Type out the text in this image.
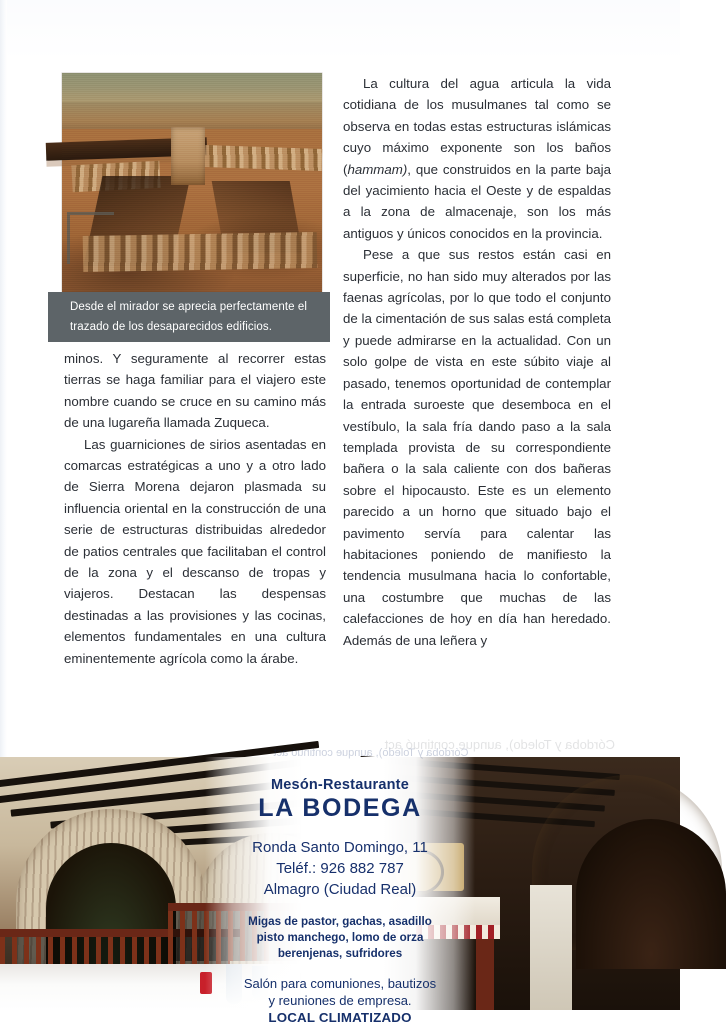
Desde el mirador se aprecia perfectamente el
trazado de los desaparecidos edificios.

minos. Y seguramente al recorrer estas tierras se haga familiar para el viajero este nombre cuando se cruce en su camino más de una lugareña llamada Zuqueca.

Las guarniciones de sirios asentadas en comarcas estratégicas a uno y a otro lado de Sierra Morena dejaron plasmada su influencia oriental en la construcción de una serie de estructuras distribuidas alrededor de patios centrales que facilitaban el control de la zona y el descanso de tropas y viajeros. Destacan las despensas destinadas a las provisiones y las cocinas, elementos fundamentales en una cultura eminentemente agrícola como la árabe.

La cultura del agua articula la vida cotidiana de los musulmanes tal como se observa en todas estas estructuras islámicas cuyo máximo exponente son los baños (hammam), que construidos en la parte baja del yacimiento hacia el Oeste y de espaldas a la zona de almacenaje, son los más antiguos y únicos conocidos en la provincia.

Pese a que sus restos están casi en superficie, no han sido muy alterados por las faenas agrícolas, por lo que todo el conjunto de la cimentación de sus salas está completa y puede admirarse en la actualidad. Con un solo golpe de vista en este súbito viaje al pasado, tenemos oportunidad de contemplar la entrada suroeste que desemboca en el vestíbulo, la sala fría dando paso a la sala templada provista de su correspondiente bañera o la sala caliente con dos bañeras sobre el hipocausto. Este es un elemento parecido a un horno que situado bajo el pavimento servía para calentar las habitaciones poniendo de manifiesto la tendencia musulmana hacia lo confortable, una costumbre que muchas de las calefacciones de hoy en día han heredado. Además de una leñera y

Córdoba y Toledo), aunque continuó act
Córdoba y Toledo), aunque continuó act
Mesón-Restaurante
LA BODEGA
Ronda Santo Domingo, 11
Teléf.: 926 882 787
Almagro (Ciudad Real)
Migas de pastor, gachas, asadillo
pisto manchego, lomo de orza
berenjenas, sufridores
Salón para comuniones, bautizos
y reuniones de empresa.
LOCAL CLIMATIZADO
